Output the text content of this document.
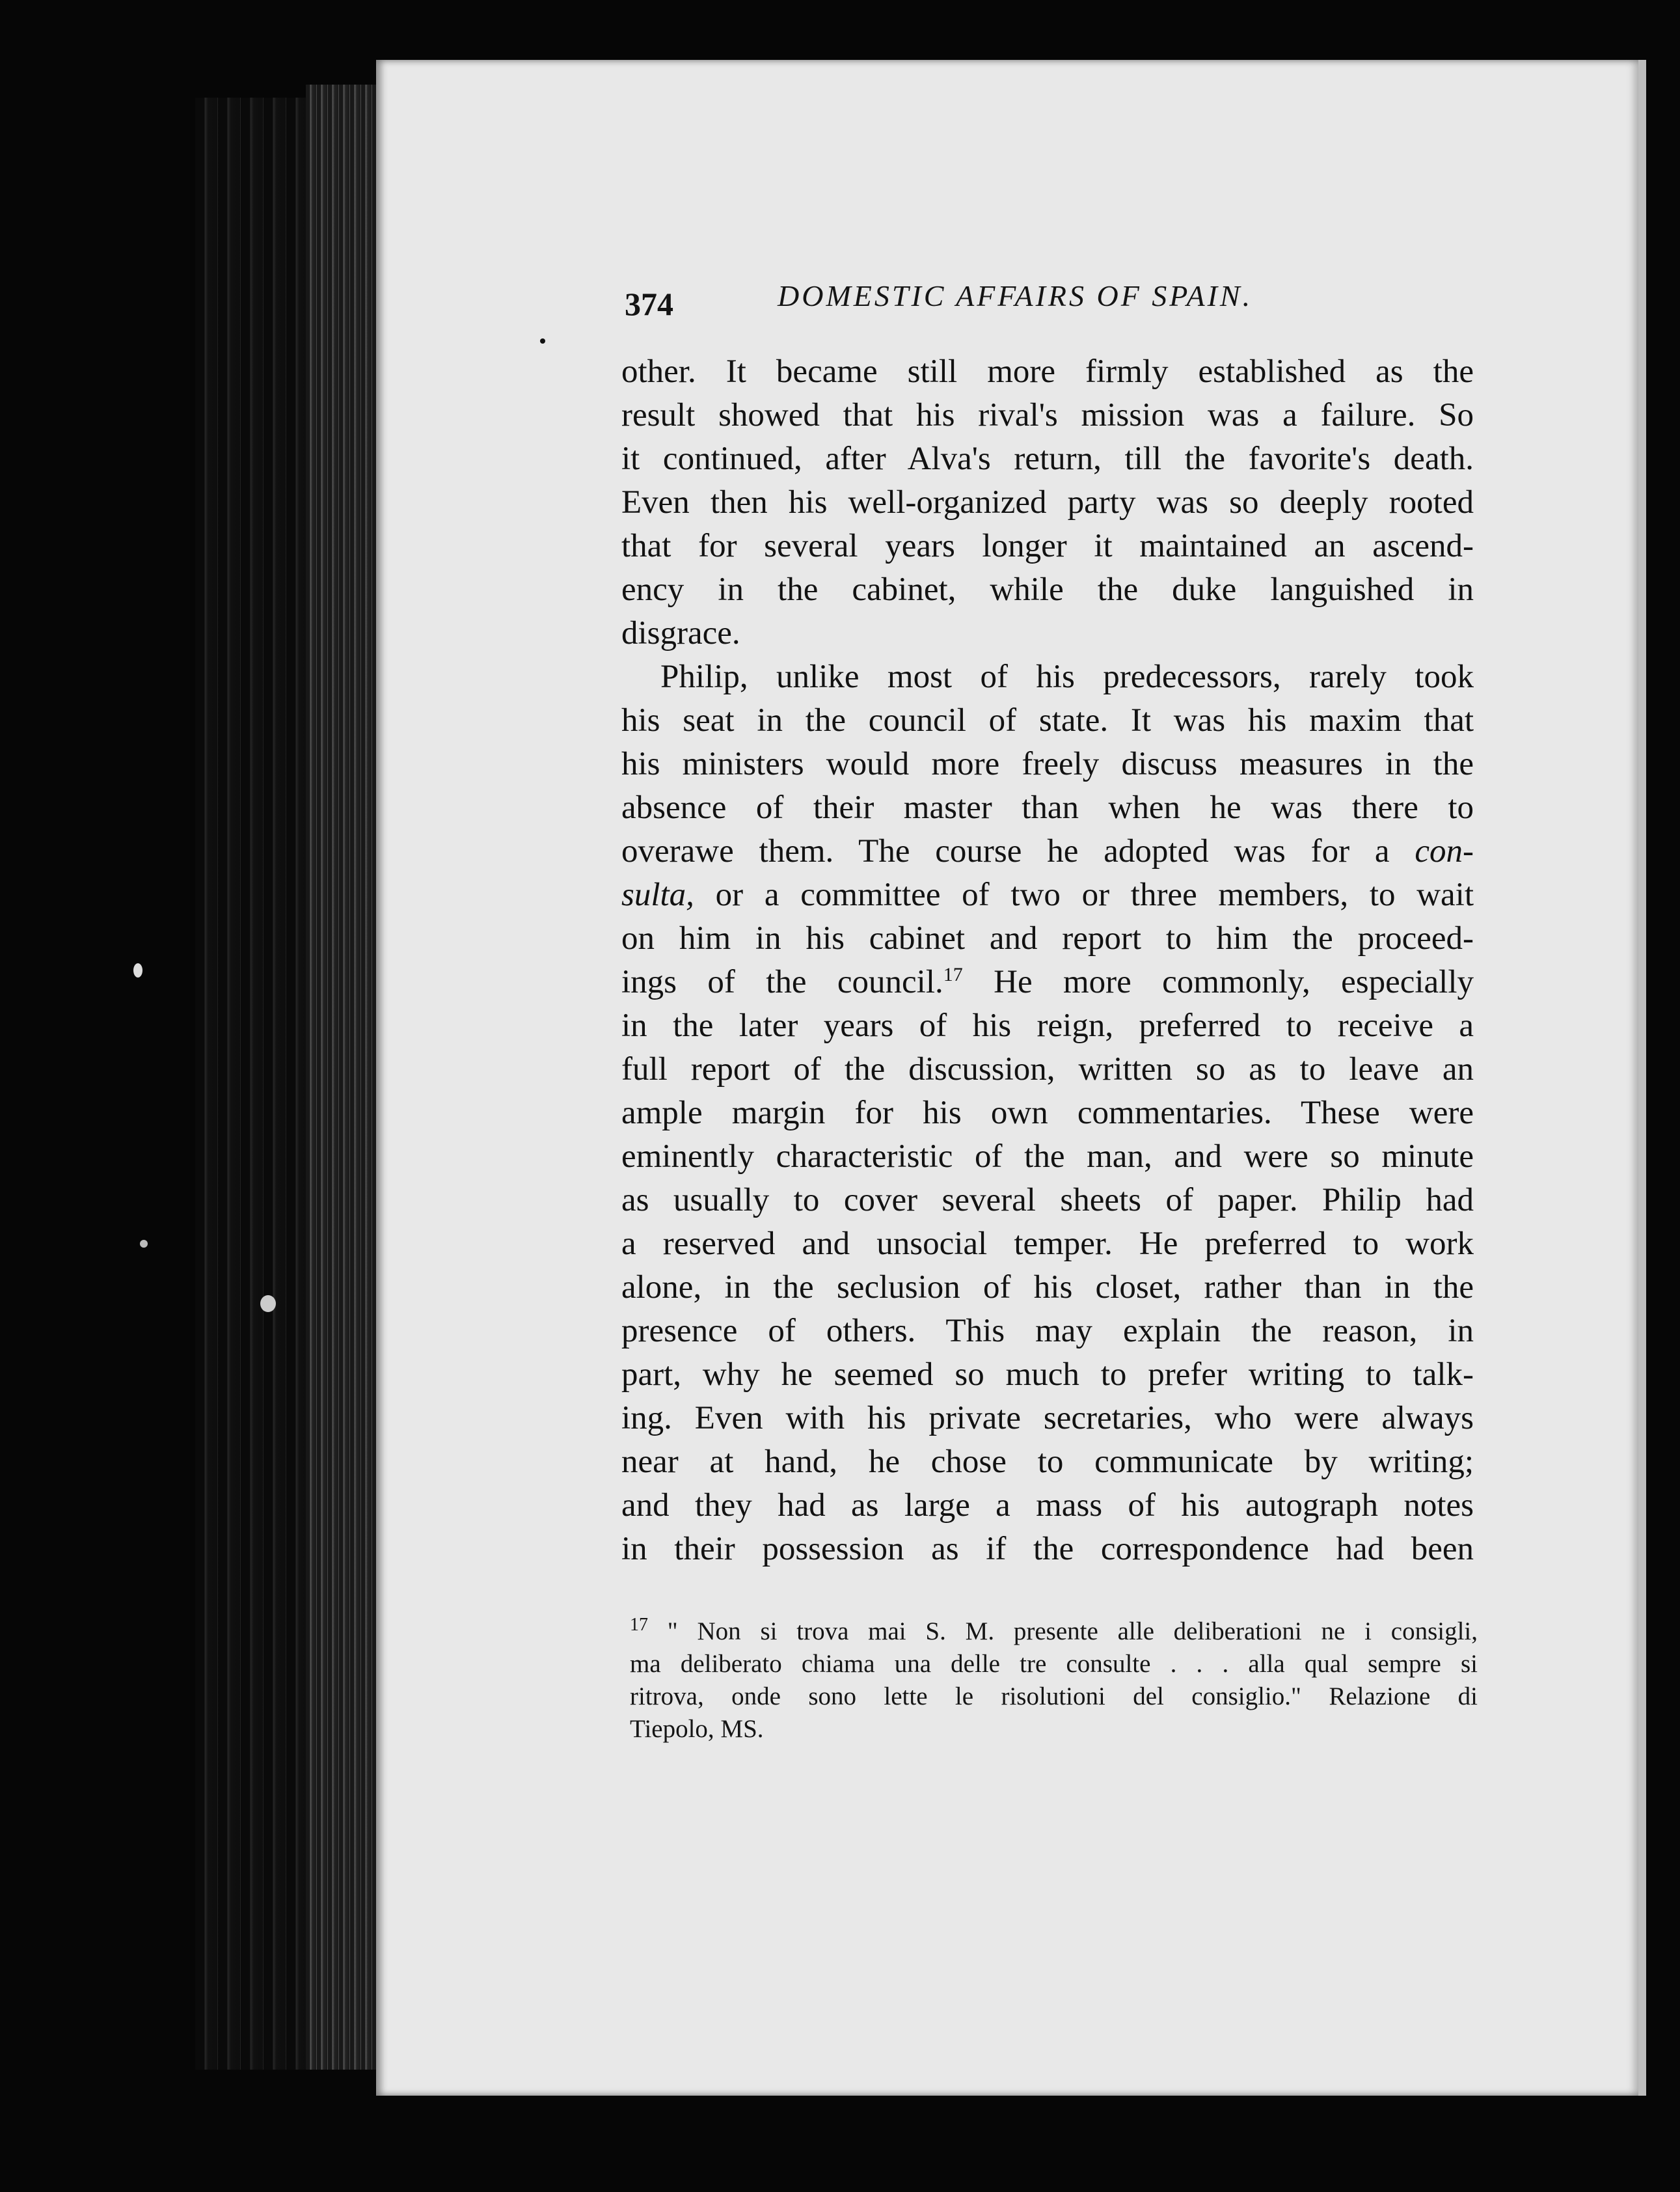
374	DOMESTIC AFFAIRS OF SPAIN.
other. It became still more firmly established as the
result showed that his rival's mission was a failure. So
it continued, after Alva's return, till the favorite's death.
Even then his well-organized party was so deeply rooted
that for several years longer it maintained an ascend-
ency in the cabinet, while the duke languished in
disgrace.
Philip, unlike most of his predecessors, rarely took
his seat in the council of state. It was his maxim that
his ministers would more freely discuss measures in the
absence of their master than when he was there to
overawe them. The course he adopted was for a con-
sulta, or a committee of two or three members, to wait
on him in his cabinet and report to him the proceed-
ings of the council.$^{17}$ He more commonly, especially
in the later years of his reign, preferred to receive a
full report of the discussion, written so as to leave an
ample margin for his own commentaries. These were
eminently characteristic of the man, and were so minute
as usually to cover several sheets of paper. Philip had
a reserved and unsocial temper. He preferred to work
alone, in the seclusion of his closet, rather than in the
presence of others. This may explain the reason, in
part, why he seemed so much to prefer writing to talk-
ing. Even with his private secretaries, who were always
near at hand, he chose to communicate by writing;
and they had as large a mass of his autograph notes
in their possession as if the correspondence had been
$^{17}$ " Non si trova mai S. M. presente alle deliberationi ne i consigli,
ma deliberato chiama una delle tre consulte . . . alla qual sempre si
ritrova, onde sono lette le risolutioni del consiglio." Relazione di
Tiepolo, MS.
